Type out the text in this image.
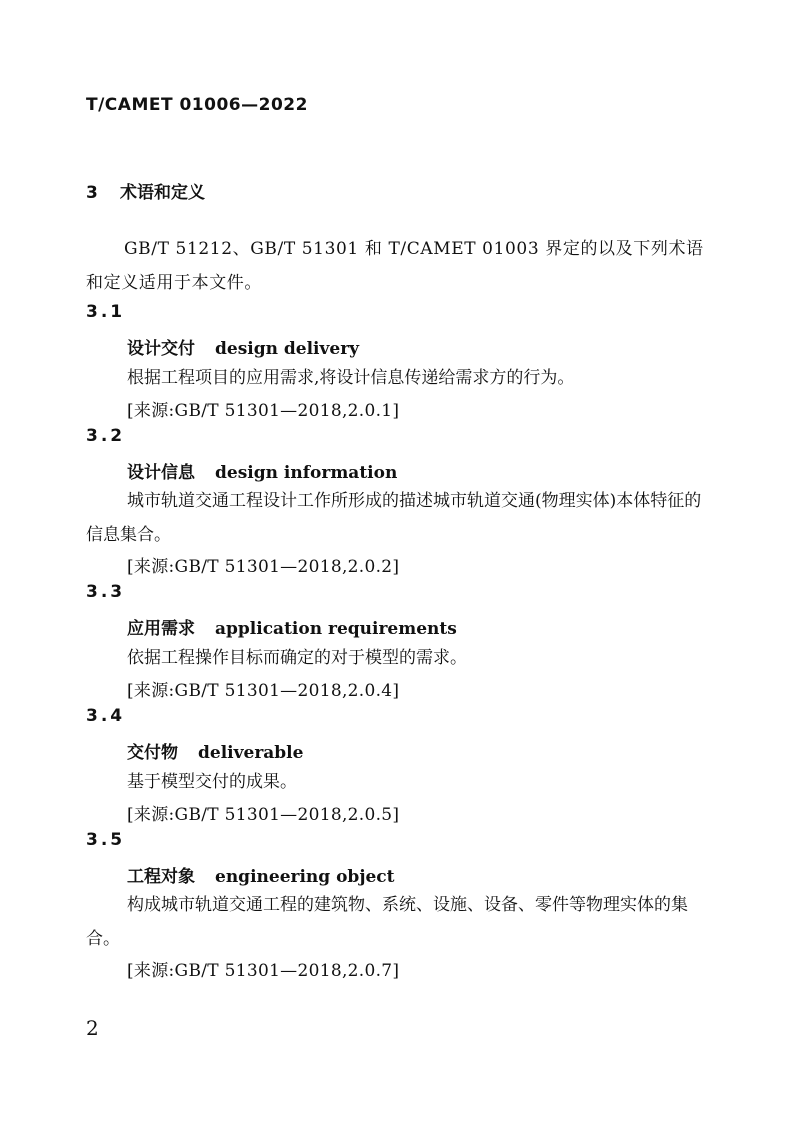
T/CAMET 01006—2022
3 术语和定义
GB/T 51212、GB/T 51301 和 T/CAMET 01003 界定的以及下列术语和定义适用于本文件。
3.1
设计交付 design delivery
根据工程项目的应用需求,将设计信息传递给需求方的行为。
[来源:GB/T 51301—2018,2.0.1]
3.2
设计信息 design information
城市轨道交通工程设计工作所形成的描述城市轨道交通(物理实体)本体特征的信息集合。
[来源:GB/T 51301—2018,2.0.2]
3.3
应用需求 application requirements
依据工程操作目标而确定的对于模型的需求。
[来源:GB/T 51301—2018,2.0.4]
3.4
交付物 deliverable
基于模型交付的成果。
[来源:GB/T 51301—2018,2.0.5]
3.5
工程对象 engineering object
构成城市轨道交通工程的建筑物、系统、设施、设备、零件等物理实体的集合。
[来源:GB/T 51301—2018,2.0.7]
2
